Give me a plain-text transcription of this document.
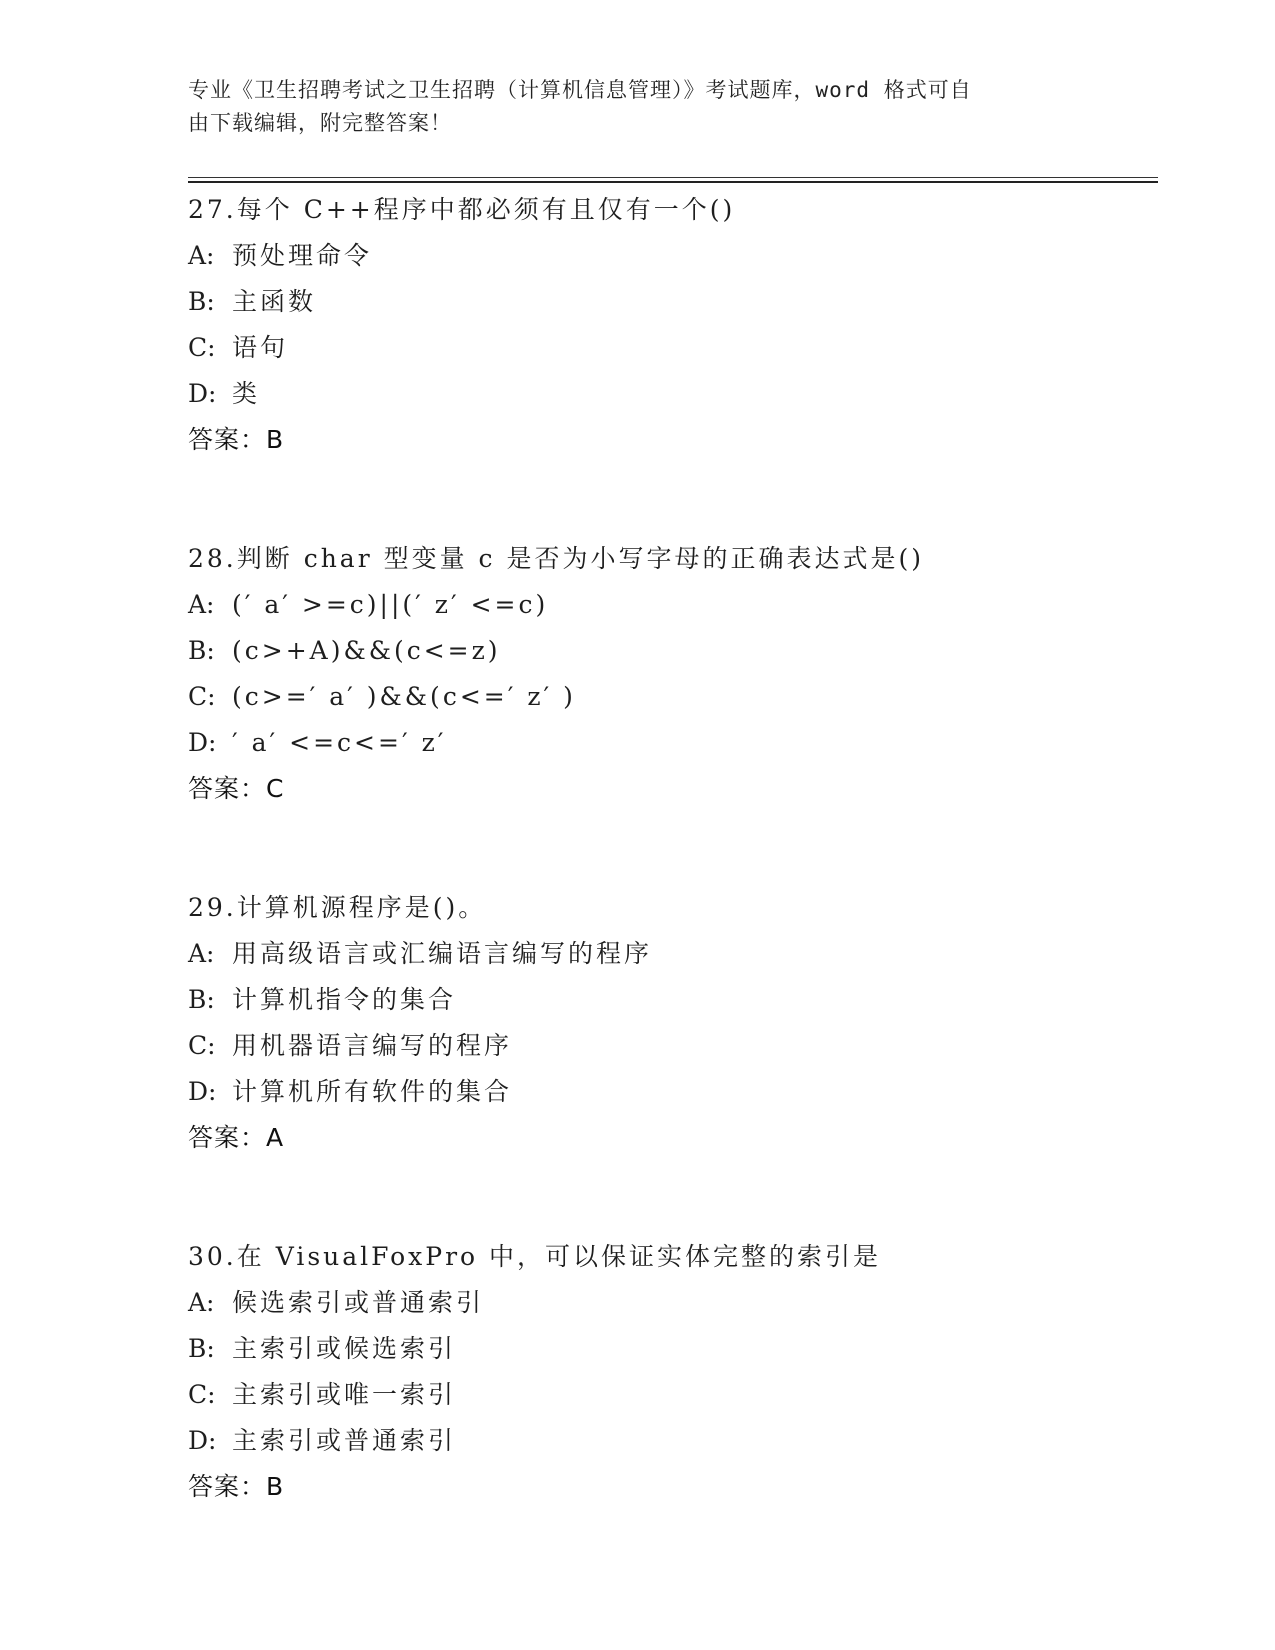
专业《卫生招聘考试之卫生招聘（计算机信息管理）》考试题库，word 格式可自
由下载编辑，附完整答案！
27.每个 C++程序中都必须有且仅有一个()
A: 预处理命令
B: 主函数
C: 语句
D: 类
答案：B
28.判断 char 型变量 c 是否为小写字母的正确表达式是()
A: (′ a′ >=c)||(′ z′ <=c)
B: (c>+A)&&(c<=z)
C: (c>=′ a′ )&&(c<=′ z′ )
D: ′ a′ <=c<=′ z′
答案：C
29.计算机源程序是()。
A: 用高级语言或汇编语言编写的程序
B: 计算机指令的集合
C: 用机器语言编写的程序
D: 计算机所有软件的集合
答案：A
30.在 VisualFoxPro 中，可以保证实体完整的索引是
A: 候选索引或普通索引
B: 主索引或候选索引
C: 主索引或唯一索引
D: 主索引或普通索引
答案：B
